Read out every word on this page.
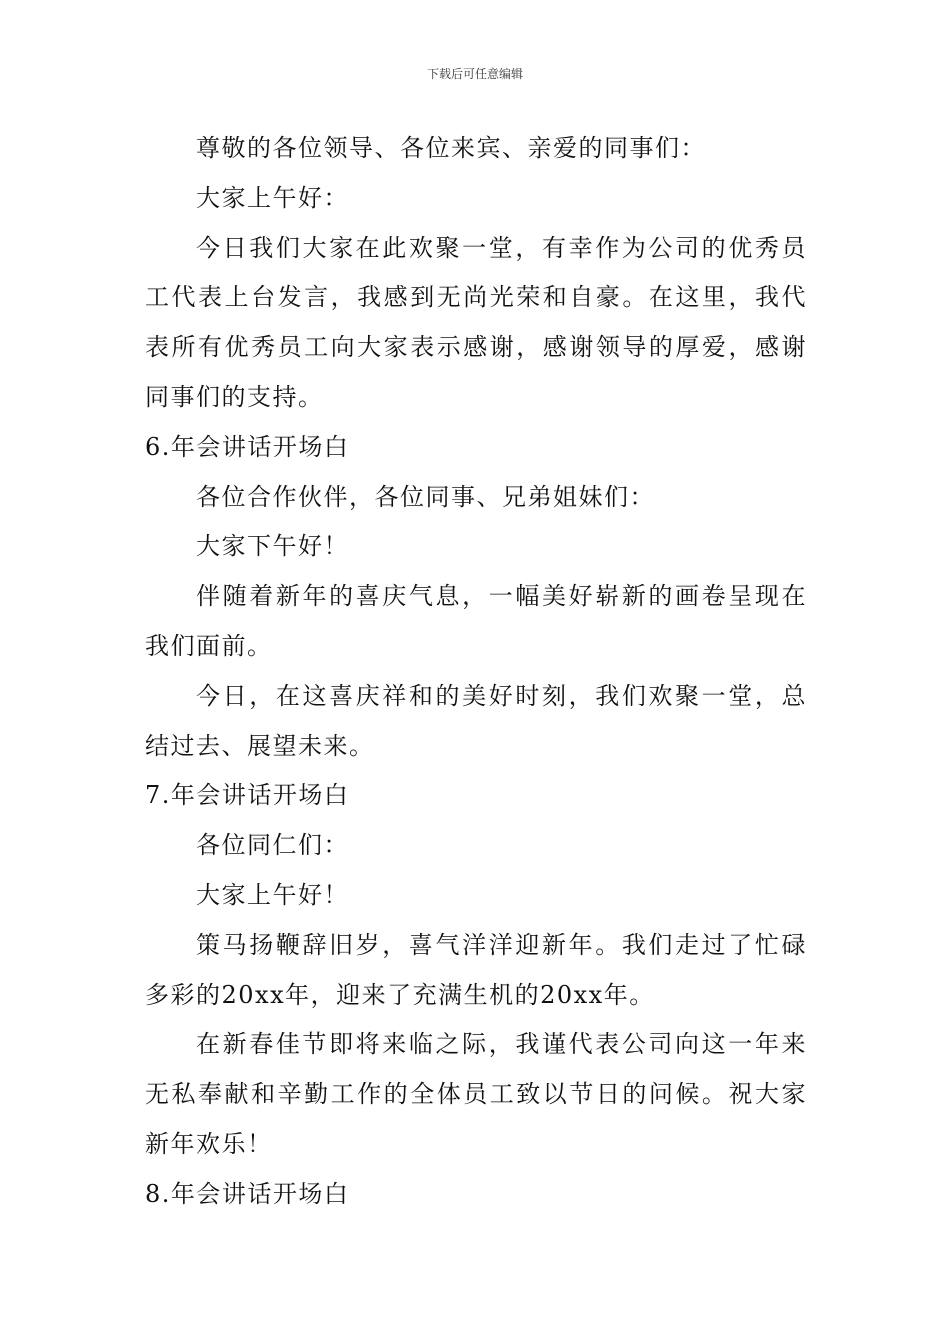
下载后可任意编辑

尊敬的各位领导、各位来宾、亲爱的同事们：

大家上午好：

今日我们大家在此欢聚一堂，有幸作为公司的优秀员工代表上台发言，我感到无尚光荣和自豪。在这里，我代表所有优秀员工向大家表示感谢，感谢领导的厚爱，感谢同事们的支持。

6.年会讲话开场白

各位合作伙伴，各位同事、兄弟姐妹们：

大家下午好！

伴随着新年的喜庆气息，一幅美好崭新的画卷呈现在我们面前。

今日，在这喜庆祥和的美好时刻，我们欢聚一堂，总结过去、展望未来。

7.年会讲话开场白

各位同仁们：

大家上午好！

策马扬鞭辞旧岁，喜气洋洋迎新年。我们走过了忙碌多彩的20xx年，迎来了充满生机的20xx年。

在新春佳节即将来临之际，我谨代表公司向这一年来无私奉献和辛勤工作的全体员工致以节日的问候。祝大家新年欢乐！

8.年会讲话开场白
